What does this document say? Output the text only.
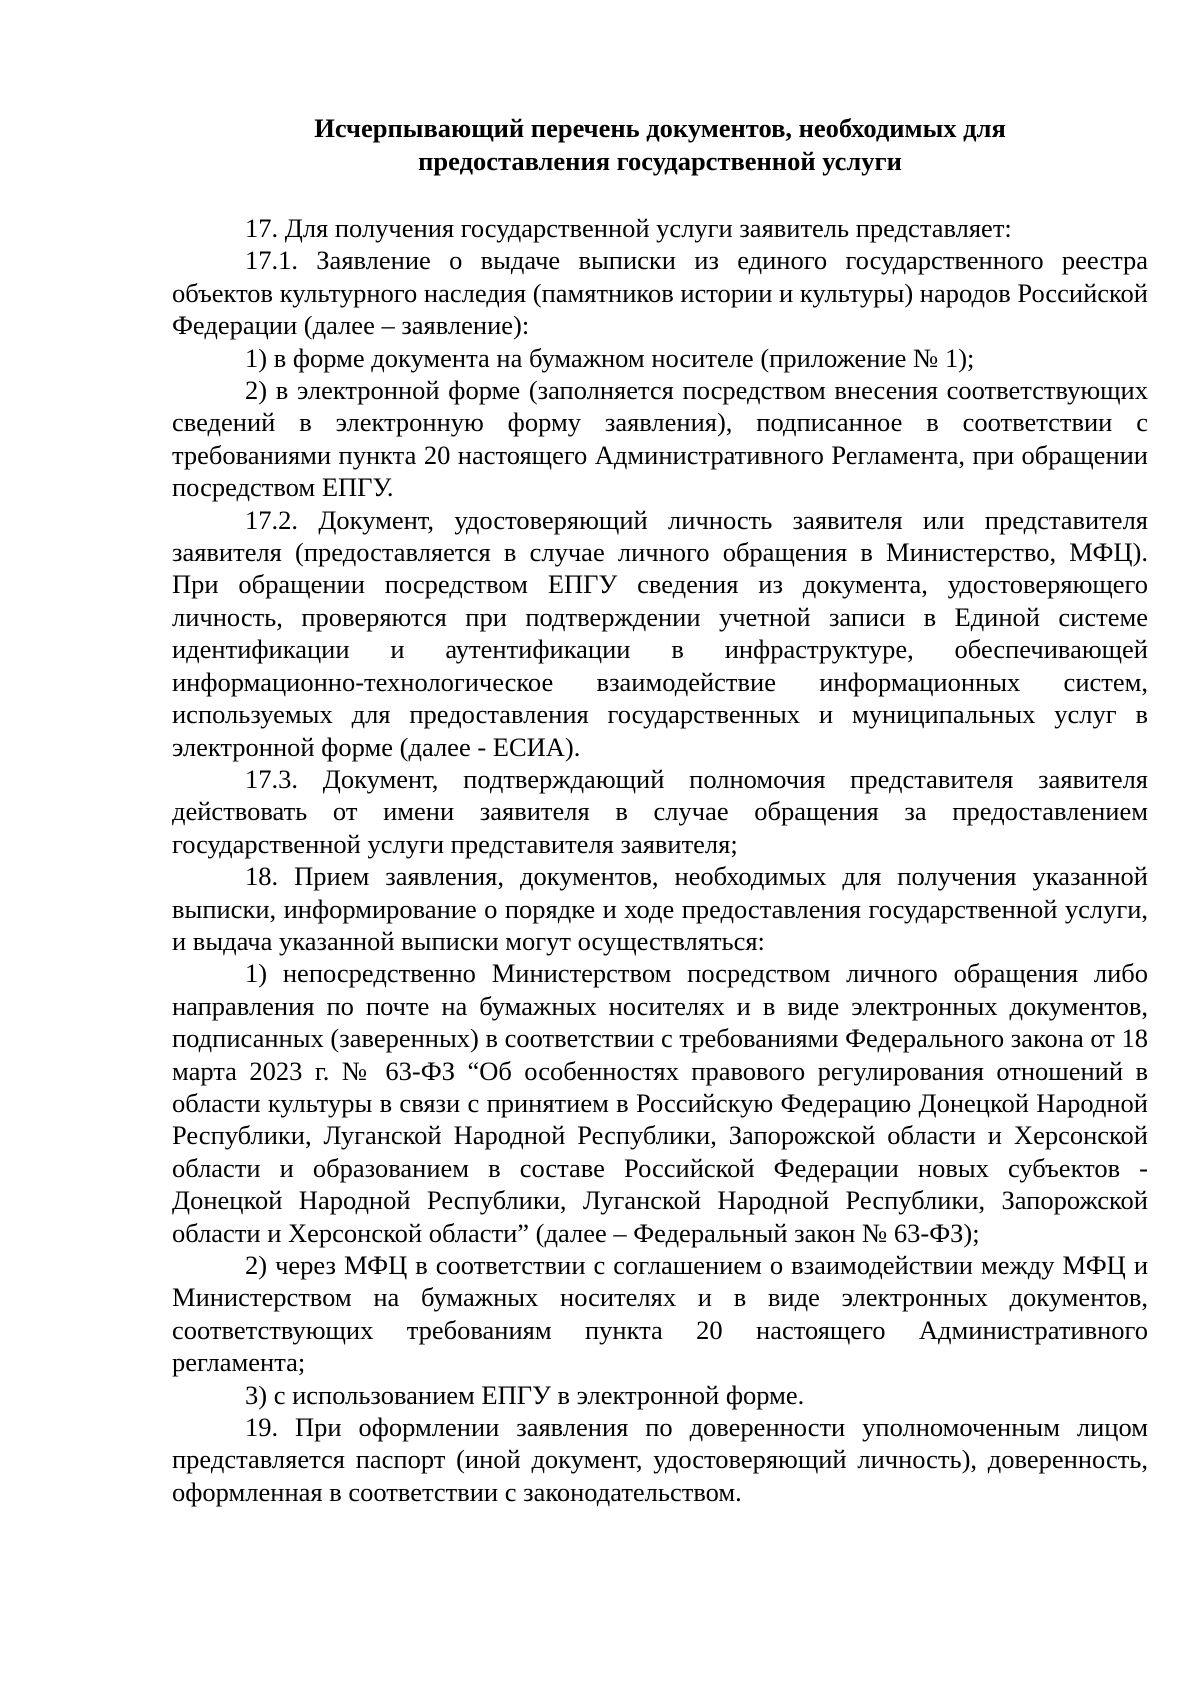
Исчерпывающий перечень документов, необходимых для
предоставления государственной услуги

17. Для получения государственной услуги заявитель представляет:

17.1. Заявление о выдаче выписки из единого государственного реестра объектов культурного наследия (памятников истории и культуры) народов Российской Федерации (далее – заявление):

1) в форме документа на бумажном носителе (приложение № 1);

2) в электронной форме (заполняется посредством внесения соответствующих сведений в электронную форму заявления), подписанное в соответствии с требованиями пункта 20 настоящего Административного Регламента, при обращении посредством ЕПГУ.

17.2. Документ, удостоверяющий личность заявителя или представителя заявителя (предоставляется в случае личного обращения в Министерство, МФЦ). При обращении посредством ЕПГУ сведения из документа, удостоверяющего личность, проверяются при подтверждении учетной записи в Единой системе идентификации и аутентификации в инфраструктуре, обеспечивающей информационно-технологическое взаимодействие информационных систем, используемых для предоставления государственных и муниципальных услуг в электронной форме (далее - ЕСИА).

17.3. Документ, подтверждающий полномочия представителя заявителя действовать от имени заявителя в случае обращения за предоставлением государственной услуги представителя заявителя;

18. Прием заявления, документов, необходимых для получения указанной выписки, информирование о порядке и ходе предоставления государственной услуги, и выдача указанной выписки могут осуществляться:

1) непосредственно Министерством посредством личного обращения либо направления по почте на бумажных носителях и в виде электронных документов, подписанных (заверенных) в соответствии с требованиями Федерального закона от 18 марта 2023 г. № 63-ФЗ “Об особенностях правового регулирования отношений в области культуры в связи с принятием в Российскую Федерацию Донецкой Народной Республики, Луганской Народной Республики, Запорожской области и Херсонской области и образованием в составе Российской Федерации новых субъектов - Донецкой Народной Республики, Луганской Народной Республики, Запорожской области и Херсонской области” (далее – Федеральный закон № 63-ФЗ);

2) через МФЦ в соответствии с соглашением о взаимодействии между МФЦ и Министерством на бумажных носителях и в виде электронных документов, соответствующих требованиям пункта 20 настоящего Административного регламента;

3) с использованием ЕПГУ в электронной форме.

19. При оформлении заявления по доверенности уполномоченным лицом представляется паспорт (иной документ, удостоверяющий личность), доверенность, оформленная в соответствии с законодательством.
